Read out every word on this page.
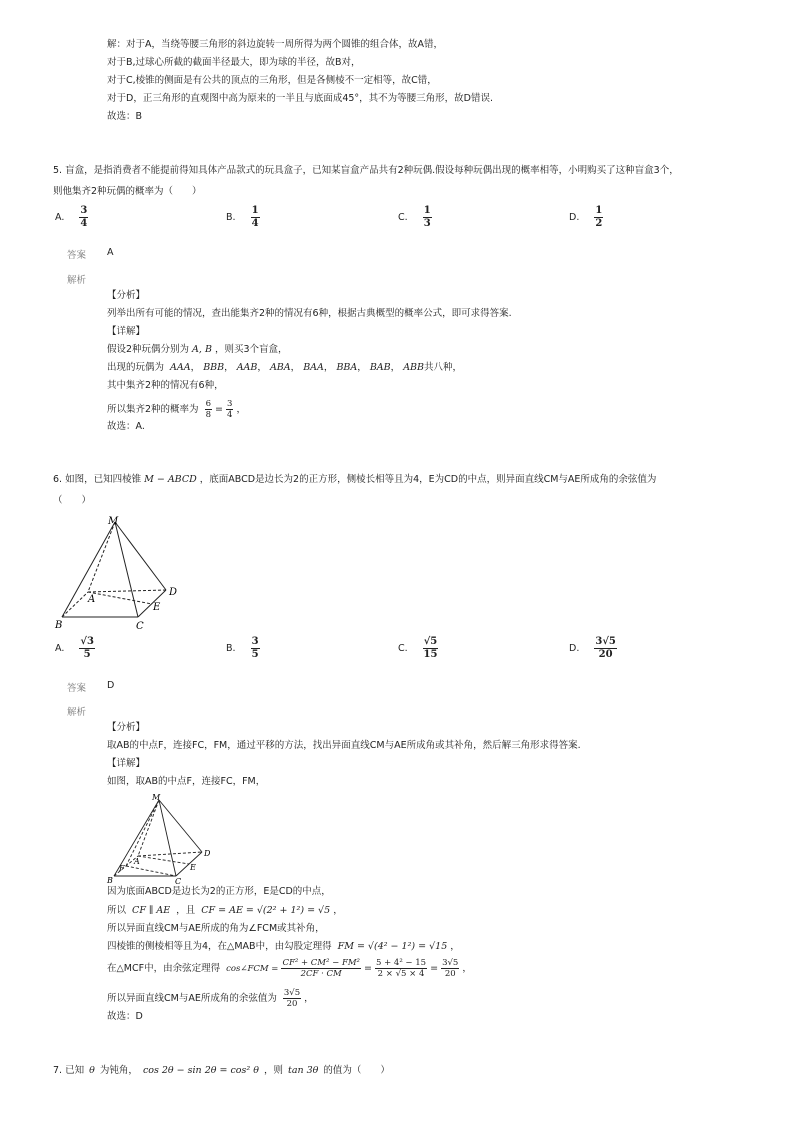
解：对于A，当绕等腰三角形的斜边旋转一周所得为两个圆锥的组合体，故A错，
对于B,过球心所截的截面半径最大，即为球的半径，故B对，
对于C,棱锥的侧面是有公共的顶点的三角形，但是各侧棱不一定相等，故C错，
对于D，正三角形的直观图中高为原来的一半且与底面成45°，其不为等腰三角形，故D错误.
故选：B
5. 盲盒，是指消费者不能提前得知具体产品款式的玩具盒子，已知某盲盒产品共有2种玩偶.假设每种玩偶出现的概率相等，小明购买了这种盲盒3个，
则他集齐2种玩偶的概率为（　　）
A. $\frac{3}{4}$	B. $\frac{1}{4}$	C. $\frac{1}{3}$	D. $\frac{1}{2}$
答案 A
解析
【分析】
列举出所有可能的情况，查出能集齐2种的情况有6种，根据古典概型的概率公式，即可求得答案.
【详解】
假设2种玩偶分别为 A, B ，则买3个盲盒，
出现的玩偶为 AAA， BBB， AAB， ABA， BAA， BBA， BAB， ABB共八种，
其中集齐2种的情况有6种，
所以集齐2种的概率为 $\frac{6}{8} = \frac{3}{4}$ ，
故选：A.
6. 如图，已知四棱锥 M − ABCD ，底面ABCD是边长为2的正方形，侧棱长相等且为4，E为CD的中点，则异面直线CM与AE所成角的余弦值为
（　　）
M
A
B	C
D
E
A. $\frac{√3}{5}$	B. $\frac{3}{5}$	C. $\frac{√5}{15}$	D. $\frac{3√5}{20}$
答案 D
解析
【分析】
取AB的中点F，连接FC，FM，通过平移的方法，找出异面直线CM与AE所成角或其补角，然后解三角形求得答案.
【详解】
如图，取AB的中点F，连接FC，FM，
M
A
F
B	C
D
E
因为底面ABCD是边长为2的正方形，E是CD的中点，
所以 CF ∥ AE ，且 CF = AE = √(2² + 1²) = √5 ，
所以异面直线CM与AE所成的角为∠FCM或其补角，
四棱锥的侧棱相等且为4，在△MAB中，由勾股定理得 FM = √(4² − 1²) = √15 ，
在△MCF中，由余弦定理得 cos∠FCM = $\frac{\text{CF² + CM² − FM²}}{2CF \cdot CM} = \frac{\text{5 + 4² − 15}}{2 \times √5 \times 4} = \frac{3√5}{20}$ ，
所以异面直线CM与AE所成角的余弦值为 $\frac{3√5}{20}$ ，
故选：D
7. 已知 θ 为钝角， cos 2θ − sin 2θ = cos² θ ，则 tan 3θ 的值为（　　）
